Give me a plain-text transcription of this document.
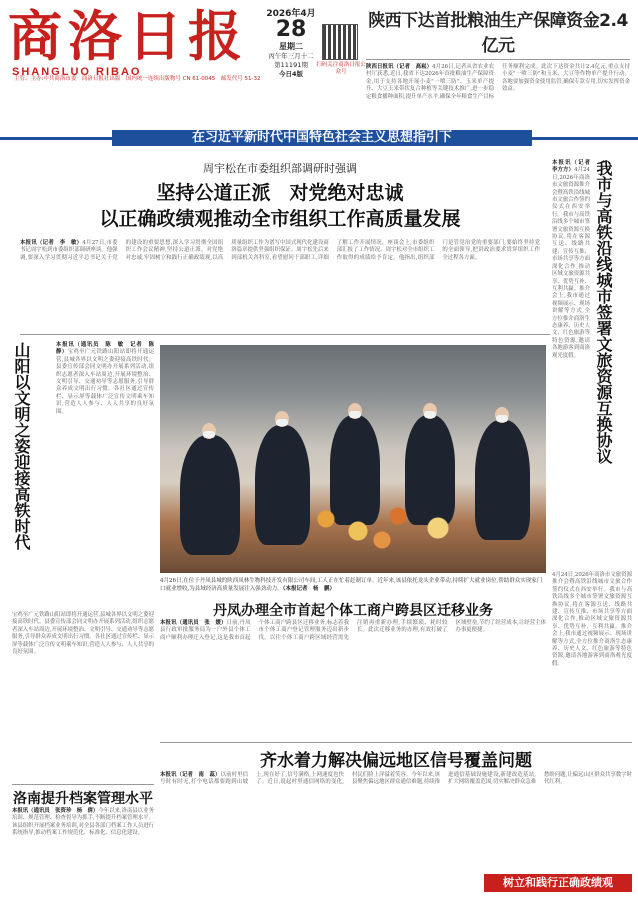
商洛日报
SHANGLUO RIBAO
2026年4月
28
星期二
丙午年三月十二
第11191期
今日4版
扫码关注商洛日报公众号
主管、主办:中共商洛市委　商洛日报社出版　国内统一连续出版物号 CN 61-0045　邮发代号 51-32
陕西下达首批粮油生产保障资金2.4亿元
陕西日报讯（记者　高崧）4月26日,记者从省农业农村厅获悉,近日,我省下达2026年首批粮油生产保障资金,用于支持各地开展小麦"一喷三防"、玉米单产提升、大豆玉米带状复合种植等关键技术推广,进一步稳定粮食播种面积,提升单产水平,确保全年粮食生产目标任务顺利完成。此次下达资金共计2.4亿元,重点支持小麦"一喷三防"和玉米、大豆等作物单产提升行动。各地要加强资金使用监管,确保专款专用,切实发挥资金效益。
在习近平新时代中国特色社会主义思想指引下
周宇松在市委组织部调研时强调
坚持公道正派　对党绝对忠诚
以正确政绩观推动全市组织工作高质量发展
本报讯（记者　李　敏）4月27日,市委书记周宇松到市委组织部调研座谈。他强调,要深入学习贯彻习近平总书记关于党的建设的重要思想,深入学习贯彻全国组织工作会议精神,坚持公道正派、对党绝对忠诚,牢固树立和践行正确政绩观,以高质量组织工作为谱写中国式现代化建设商洛篇章提供坚强组织保证。周宇松先后来到部机关各科室,看望慰问干部职工,详细了解工作开展情况。座谈会上,市委组织部汇报了工作情况。周宇松对全市组织工作取得的成绩给予肯定。他指出,组织部门是管党治党的重要部门,要始终坚持党的全面领导,把讲政治要求贯穿组织工作全过程各方面。
山阳以文明之姿迎接高铁时代	本报讯（通讯员　陈　敏　记者　陈　静）宝鸡至广元铁路山阳站即将开通运营,县城各界以文明之姿迎接高铁时代。县委宣传部会同文明办开展系列活动,组织志愿者深入车站周边,开展环境整治、文明引导、交通劝导等志愿服务,引导群众养成文明出行习惯。各社区通过宣传栏、显示屏等载体广泛宣传文明乘车知识,营造人人参与、人人共享的良好氛围。
宝鸡至广元铁路山阳站即将开通运营,县城各界以文明之姿迎接高铁时代。县委宣传部会同文明办开展系列活动,组织志愿者深入车站周边,开展环境整治、文明引导、交通劝导等志愿服务,引导群众养成文明出行习惯。各社区通过宣传栏、显示屏等载体广泛宣传文明乘车知识,营造人人参与、人人共享的良好氛围。
4月26日,在位于丹凤县城的陕西凤林生物科技开发有限公司车间,工人正在忙着赶制订单。近年来,该县依托龙头企业带动,持续扩大就业岗位,帮助群众实现家门口就业增收,为县域经济高质量发展注入强劲动力。（本报记者　杨　鹏）
我市与高铁沿线城市签署文旅资源互换协议
本报讯（记者　李方方）4月24日,2026年商洛市文旅资源推介会暨高铁沿线城市文旅合作签约仪式在西安举行。我市与高铁沿线多个城市签署文旅资源互换协议,将在客源互送、线路共建、宣传互推、市场共享等方面深化合作,推动区域文旅资源共享、优势互补、互利共赢。推介会上,我市通过视频展示、现场讲解等方式,全方位推介商洛生态康养、历史人文、红色旅游等特色资源,邀请各地游客到商洛观光度假。
4月24日,2026年商洛市文旅资源推介会暨高铁沿线城市文旅合作签约仪式在西安举行。我市与高铁沿线多个城市签署文旅资源互换协议,将在客源互送、线路共建、宣传互推、市场共享等方面深化合作,推动区域文旅资源共享、优势互补、互利共赢。推介会上,我市通过视频展示、现场讲解等方式,全方位推介商洛生态康养、历史人文、红色旅游等特色资源,邀请各地游客到商洛观光度假。
丹凤办理全市首起个体工商户跨县区迁移业务
本报讯（通讯员　张　媛）日前,丹凤县行政审批服务局为一户外县个体工商户顺利办理迁入登记,这是我市首起个体工商户跨县区迁移业务,标志着我市个体工商户登记管理服务迈出新步伐。以往个体工商户跨区域经营需先注销再重新办理,手续繁琐、耗时较长。此次迁移业务的办理,有效打破了区域壁垒,节约了经营成本,让经营主体办事更便捷。
洛南提升档案管理水平
本报讯（通讯员　张资珍　杨　倩）今年以来,洛南县以业务培训、规范管理、检查督导为抓手,不断提升档案管理水平。该县组织开展档案业务培训,对全县各部门档案工作人员进行系统指导,推动档案工作规范化、标准化、信息化建设。
齐水着力解决偏远地区信号覆盖问题
本报讯（记者　南　蕊）以前村里信号时有时无,打个电话都要跑到山坡上,现在好了,信号满格,上网速度也快了。近日,说起村里通信网络的变化,村民们脸上洋溢着笑容。今年以来,该县聚焦偏远地区群众通信难题,持续推进通信基础设施建设,新建改造基站,扩大网络覆盖范围,切实解决群众急难愁盼问题,让偏远山区群众共享数字时代红利。
树立和践行正确政绩观
